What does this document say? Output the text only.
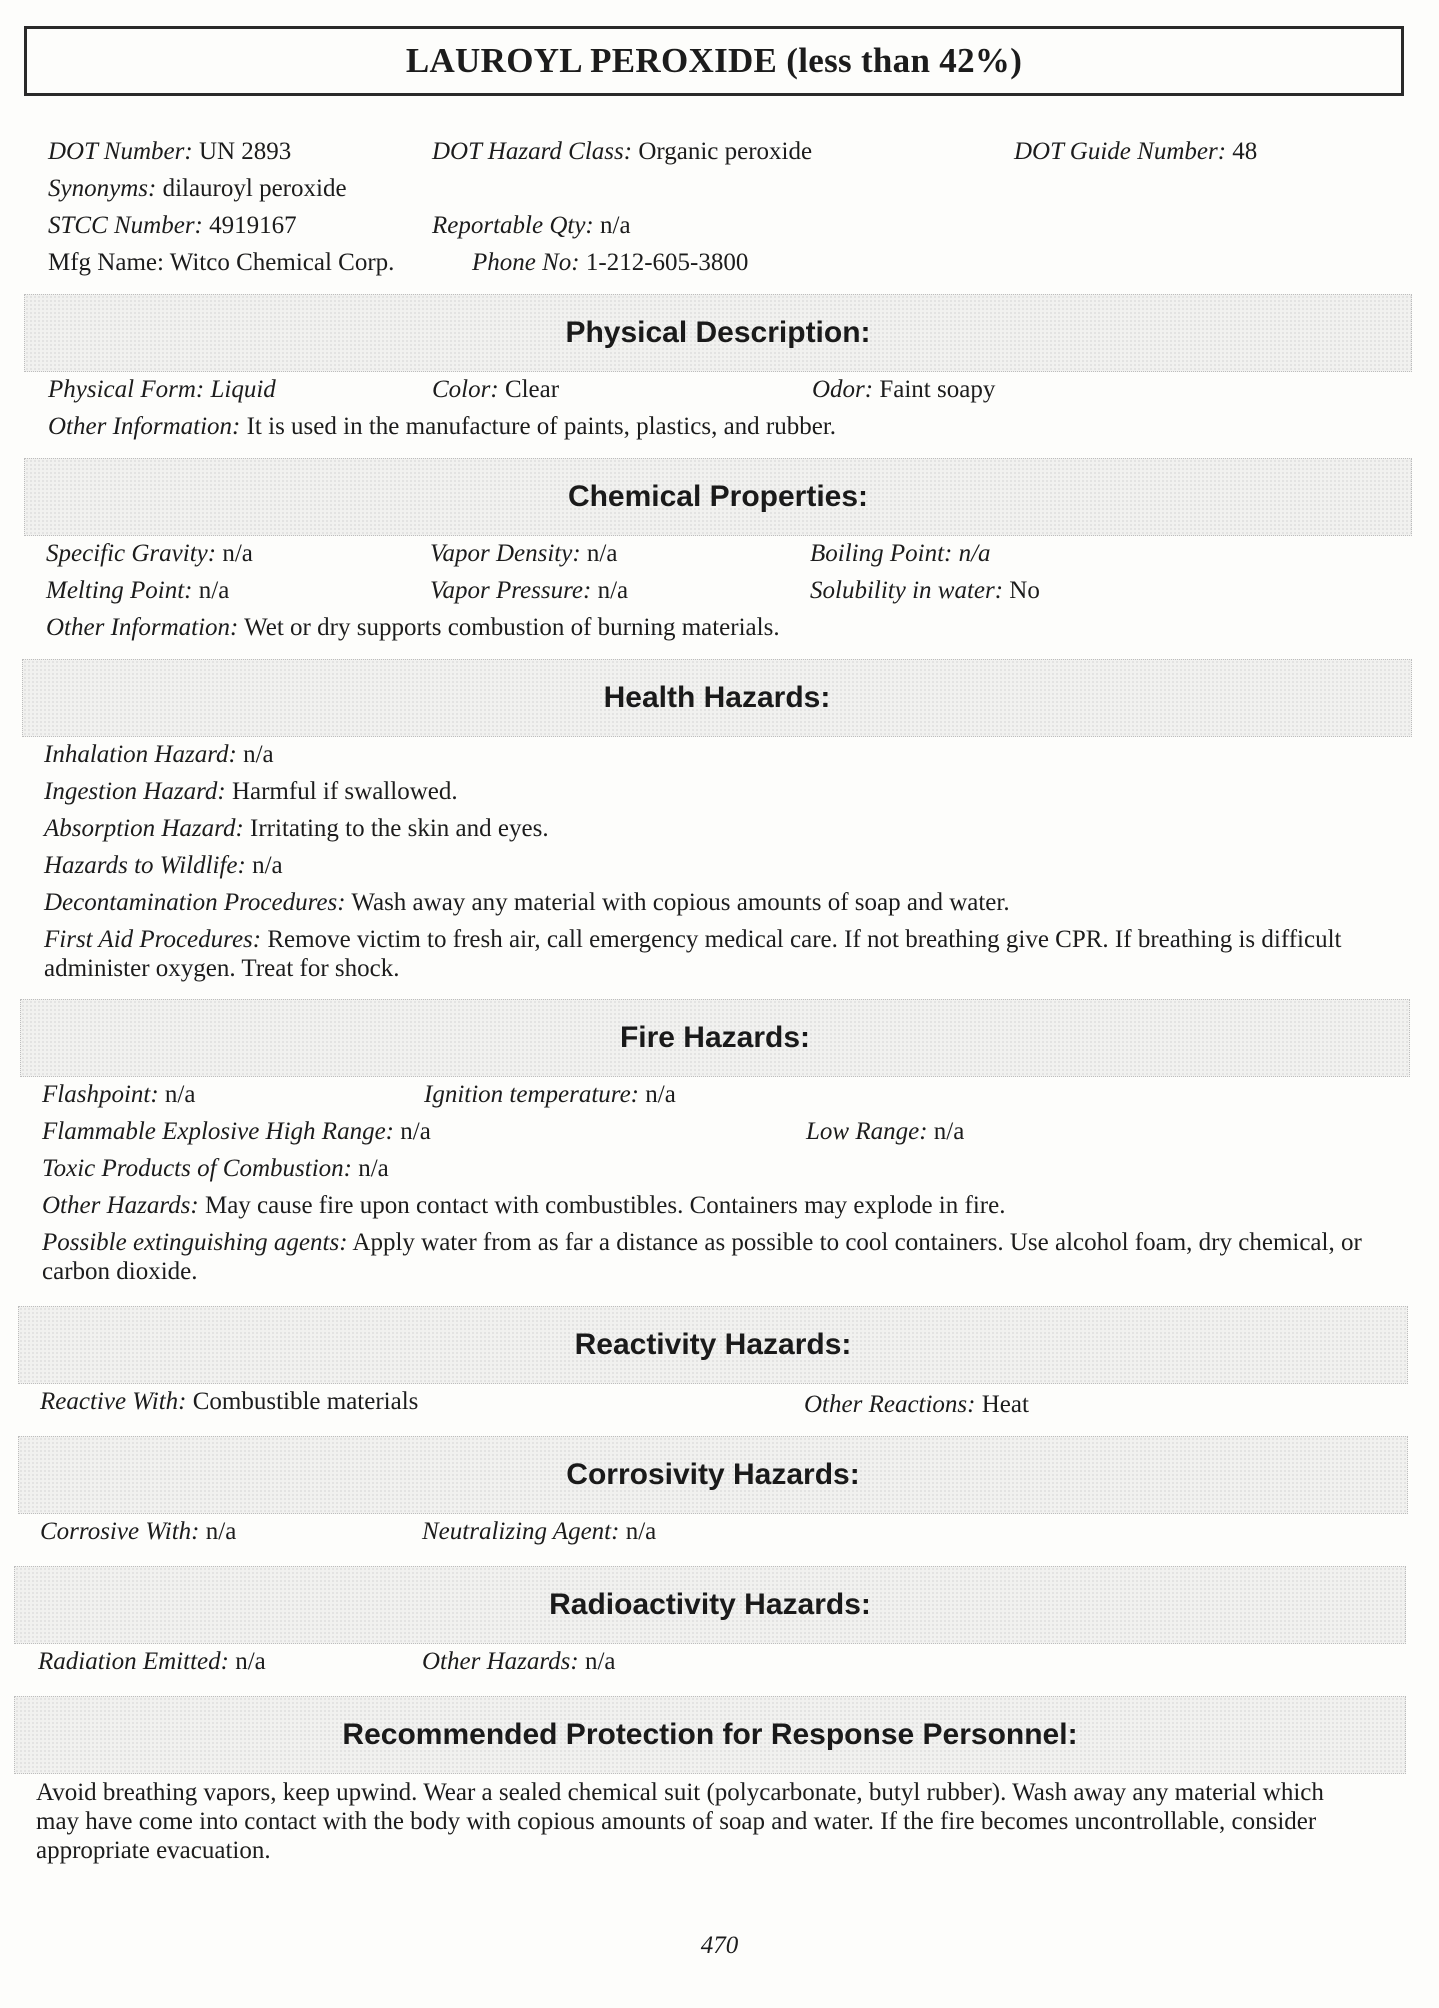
LAUROYL PEROXIDE (less than 42%)
DOT Number: UN 2893	DOT Hazard Class: Organic peroxide	DOT Guide Number: 48
Synonyms: dilauroyl peroxide
STCC Number: 4919167	Reportable Qty: n/a
Mfg Name: Witco Chemical Corp.	Phone No: 1-212-605-3800
Physical Description:
Physical Form: Liquid	Color: Clear	Odor: Faint soapy
Other Information: It is used in the manufacture of paints, plastics, and rubber.
Chemical Properties:
Specific Gravity: n/a	Vapor Density: n/a	Boiling Point: n/a
Melting Point: n/a	Vapor Pressure: n/a	Solubility in water: No
Other Information: Wet or dry supports combustion of burning materials.
Health Hazards:
Inhalation Hazard: n/a
Ingestion Hazard: Harmful if swallowed.
Absorption Hazard: Irritating to the skin and eyes.
Hazards to Wildlife: n/a
Decontamination Procedures: Wash away any material with copious amounts of soap and water.
First Aid Procedures: Remove victim to fresh air, call emergency medical care. If not breathing give CPR. If breathing is difficult administer oxygen. Treat for shock.
Fire Hazards:
Flashpoint: n/a	Ignition temperature: n/a
Flammable Explosive High Range: n/a	Low Range: n/a
Toxic Products of Combustion: n/a
Other Hazards: May cause fire upon contact with combustibles. Containers may explode in fire.
Possible extinguishing agents: Apply water from as far a distance as possible to cool containers. Use alcohol foam, dry chemical, or carbon dioxide.
Reactivity Hazards:
Reactive With: Combustible materials	Other Reactions: Heat
Corrosivity Hazards:
Corrosive With: n/a	Neutralizing Agent: n/a
Radioactivity Hazards:
Radiation Emitted: n/a	Other Hazards: n/a
Recommended Protection for Response Personnel:
Avoid breathing vapors, keep upwind. Wear a sealed chemical suit (polycarbonate, butyl rubber). Wash away any material which may have come into contact with the body with copious amounts of soap and water. If the fire becomes uncontrollable, consider appropriate evacuation.
470
